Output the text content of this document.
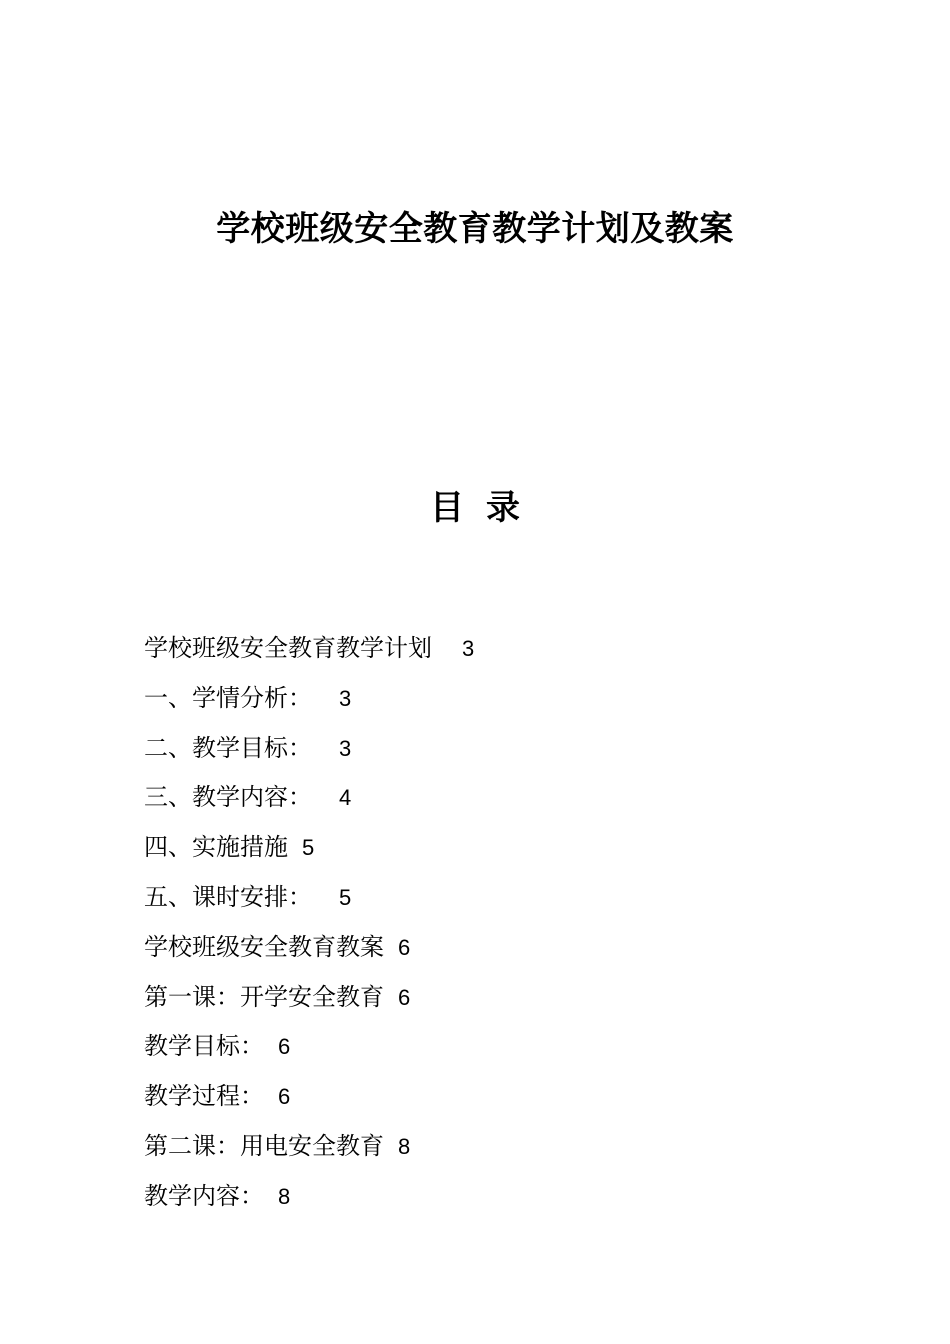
学校班级安全教育教学计划及教案
目 录
学校班级安全教育教学计划 3
一、学情分析： 3
二、教学目标： 3
三、教学内容： 4
四、实施措施 5
五、课时安排： 5
学校班级安全教育教案 6
第一课：开学安全教育 6
教学目标： 6
教学过程： 6
第二课：用电安全教育 8
教学内容： 8
